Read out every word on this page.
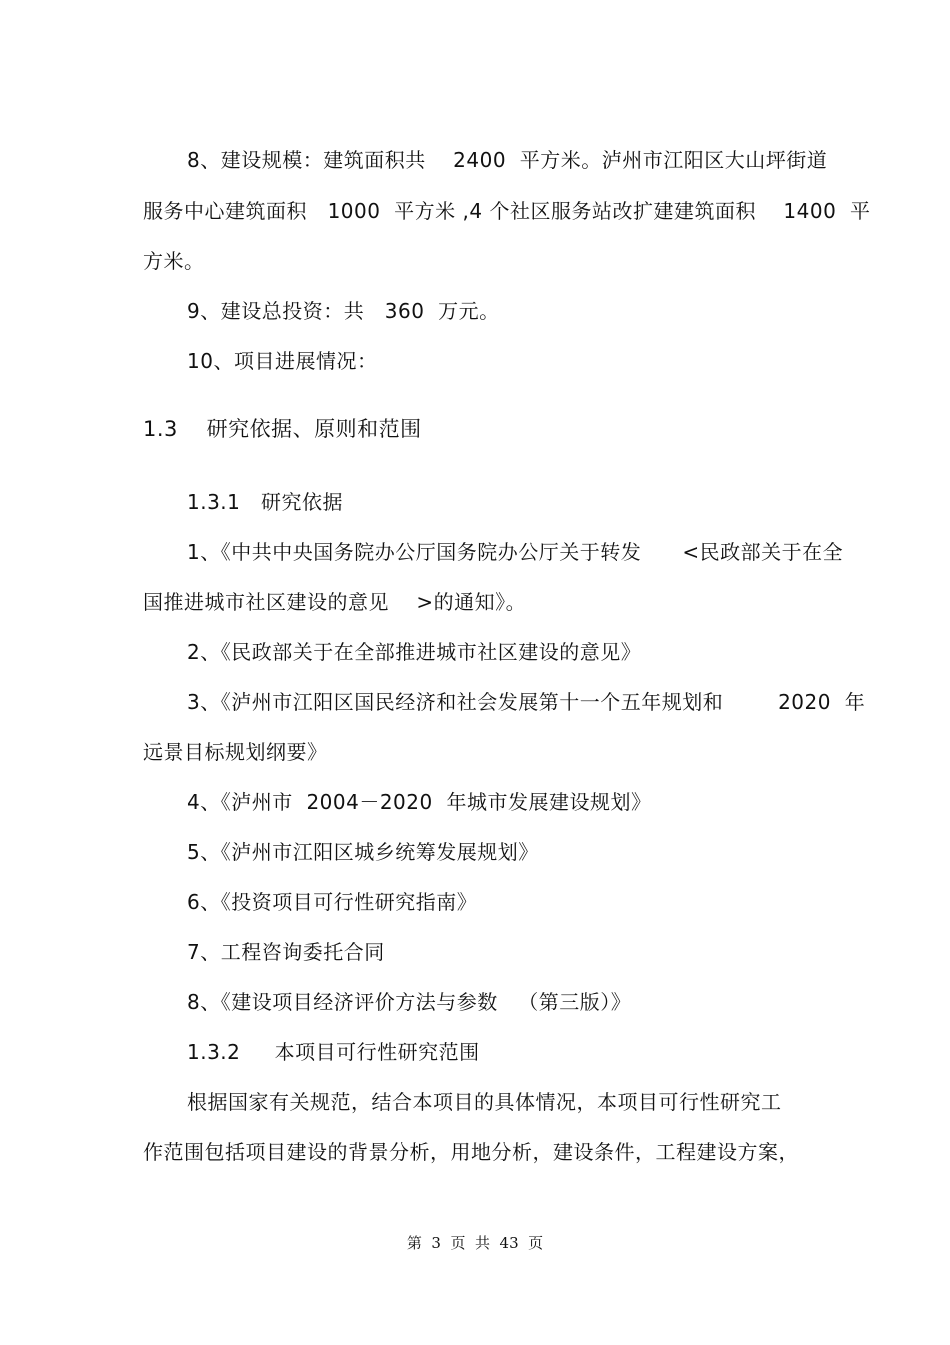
8、建设规模：建筑面积共    2400  平方米。泸州市江阳区大山坪街道
服务中心建筑面积   1000  平方米 ,4 个社区服务站改扩建建筑面积    1400  平
方米。
9、建设总投资：共   360  万元。
10、项目进展情况：
1.3    研究依据、原则和范围
1.3.1   研究依据
1、《中共中央国务院办公厅国务院办公厅关于转发      <民政部关于在全
国推进城市社区建设的意见    >的通知》。
2、《民政部关于在全部推进城市社区建设的意见》
3、《泸州市江阳区国民经济和社会发展第十一个五年规划和        2020  年
远景目标规划纲要》
4、《泸州市  2004－2020  年城市发展建设规划》
5、《泸州市江阳区城乡统筹发展规划》
6、《投资项目可行性研究指南》
7、工程咨询委托合同
8、《建设项目经济评价方法与参数   （第三版）》
1.3.2     本项目可行性研究范围
根据国家有关规范，结合本项目的具体情况，本项目可行性研究工
作范围包括项目建设的背景分析，用地分析，建设条件，工程建设方案，
第  3  页  共  43  页
